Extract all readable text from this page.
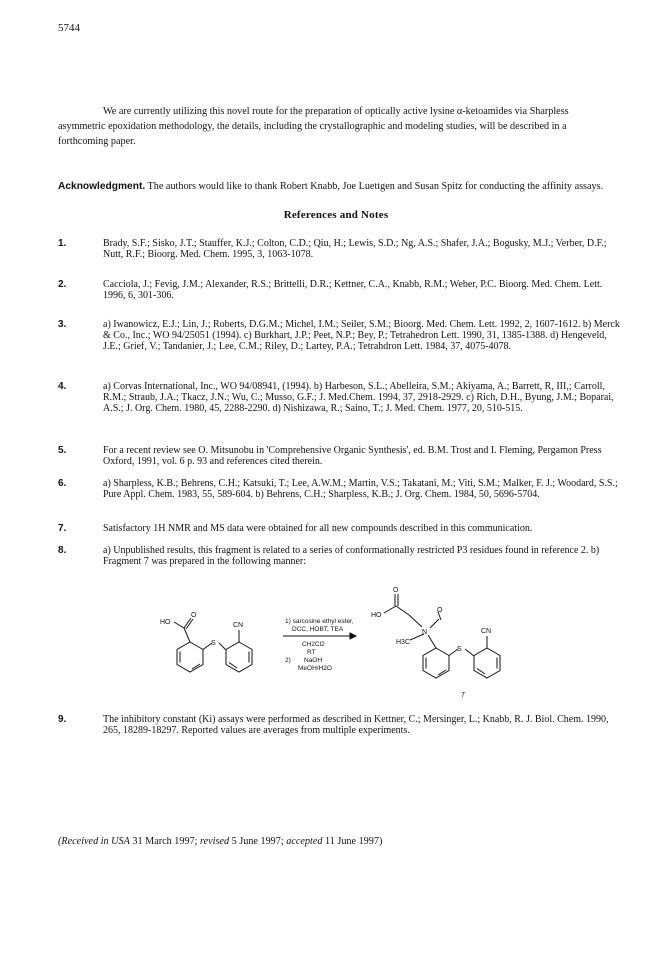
5744

We are currently utilizing this novel route for the preparation of optically active lysine α-ketoamides via Sharpless asymmetric epoxidation methodology, the details, including the crystallographic and modeling studies, will be described in a forthcoming paper.

Acknowledgment. The authors would like to thank Robert Knabb, Joe Luettgen and Susan Spitz for conducting the affinity assays.

References and Notes
1.	Brady, S.F.; Sisko, J.T.; Stauffer, K.J.; Colton, C.D.; Qiu, H.; Lewis, S.D.; Ng, A.S.; Shafer, J.A.; Bogusky, M.J.; Verber, D.F.; Nutt, R.F.; Bioorg. Med. Chem. 1995, 3, 1063-1078.
2.	Cacciola, J.; Fevig, J.M.; Alexander, R.S.; Brittelli, D.R.; Kettner, C.A., Knabb, R.M.; Weber, P.C. Bioorg. Med. Chem. Lett. 1996, 6, 301-306.
3.	a) Iwanowicz, E.J.; Lin, J.; Roberts, D.G.M.; Michel, I.M.; Seiler, S.M.; Bioorg. Med. Chem. Lett. 1992, 2, 1607-1612. b) Merck & Co., Inc.; WO 94/25051 (1994). c) Burkhart, J.P.; Peet, N.P.; Bey, P.; Tetrahedron Lett. 1990, 31, 1385-1388. d) Hengeveld, J.E.; Grief, V.; Tandanier, J.; Lee, C.M.; Riley, D.; Lartey, P.A.; Tetrahdron Lett. 1984, 37, 4075-4078.
4.	a) Corvas International, Inc., WO 94/08941, (1994). b) Harbeson, S.L.; Abelleira, S.M.; Akiyama, A.; Barrett, R, III,; Carroll, R.M.; Straub, J.A.; Tkacz, J.N.; Wu, C.; Musso, G.F.; J. Med.Chem. 1994, 37, 2918-2929. c) Rich, D.H., Byung, J.M.; Boparai, A.S.; J. Org. Chem. 1980, 45, 2288-2290. d) Nishizawa, R.; Saino, T.; J. Med. Chem. 1977, 20, 510-515.
5.	For a recent review see O. Mitsunobu in 'Comprehensive Organic Synthesis', ed. B.M. Trost and I. Fleming, Pergamon Press Oxford, 1991, vol. 6 p. 93 and references cited therein.
6.	a) Sharpless, K.B.; Behrens, C.H.; Katsuki, T.; Lee, A.W.M.; Martin, V.S.; Takatani, M.; Viti, S.M.; Malker, F. J.; Woodard, S.S.; Pure Appl. Chem. 1983, 55, 589-604. b) Behrens, C.H.; Sharpless, K.B.; J. Org. Chem. 1984, 50, 5696-5704.
7.	Satisfactory 1H NMR and MS data were obtained for all new compounds described in this communication.
8.	a) Unpublished results, this fragment is related to a series of conformationally restricted P3 residues found in reference 2. b) Fragment 7 was prepared in the following manner:
HO
O
S
CN
1) sarcosine ethyl ester,
DCC, HOBT, TEA
CH2Cl2
RT
2) NaOH
MeOH/H2O
O
HO
N
O
H3C
S
CN
7
9.	The inhibitory constant (Ki) assays were performed as described in Kettner, C.; Mersinger, L.; Knabb, R. J. Biol. Chem. 1990, 265, 18289-18297. Reported values are averages from multiple experiments.
(Received in USA 31 March 1997; revised 5 June 1997; accepted 11 June 1997)
